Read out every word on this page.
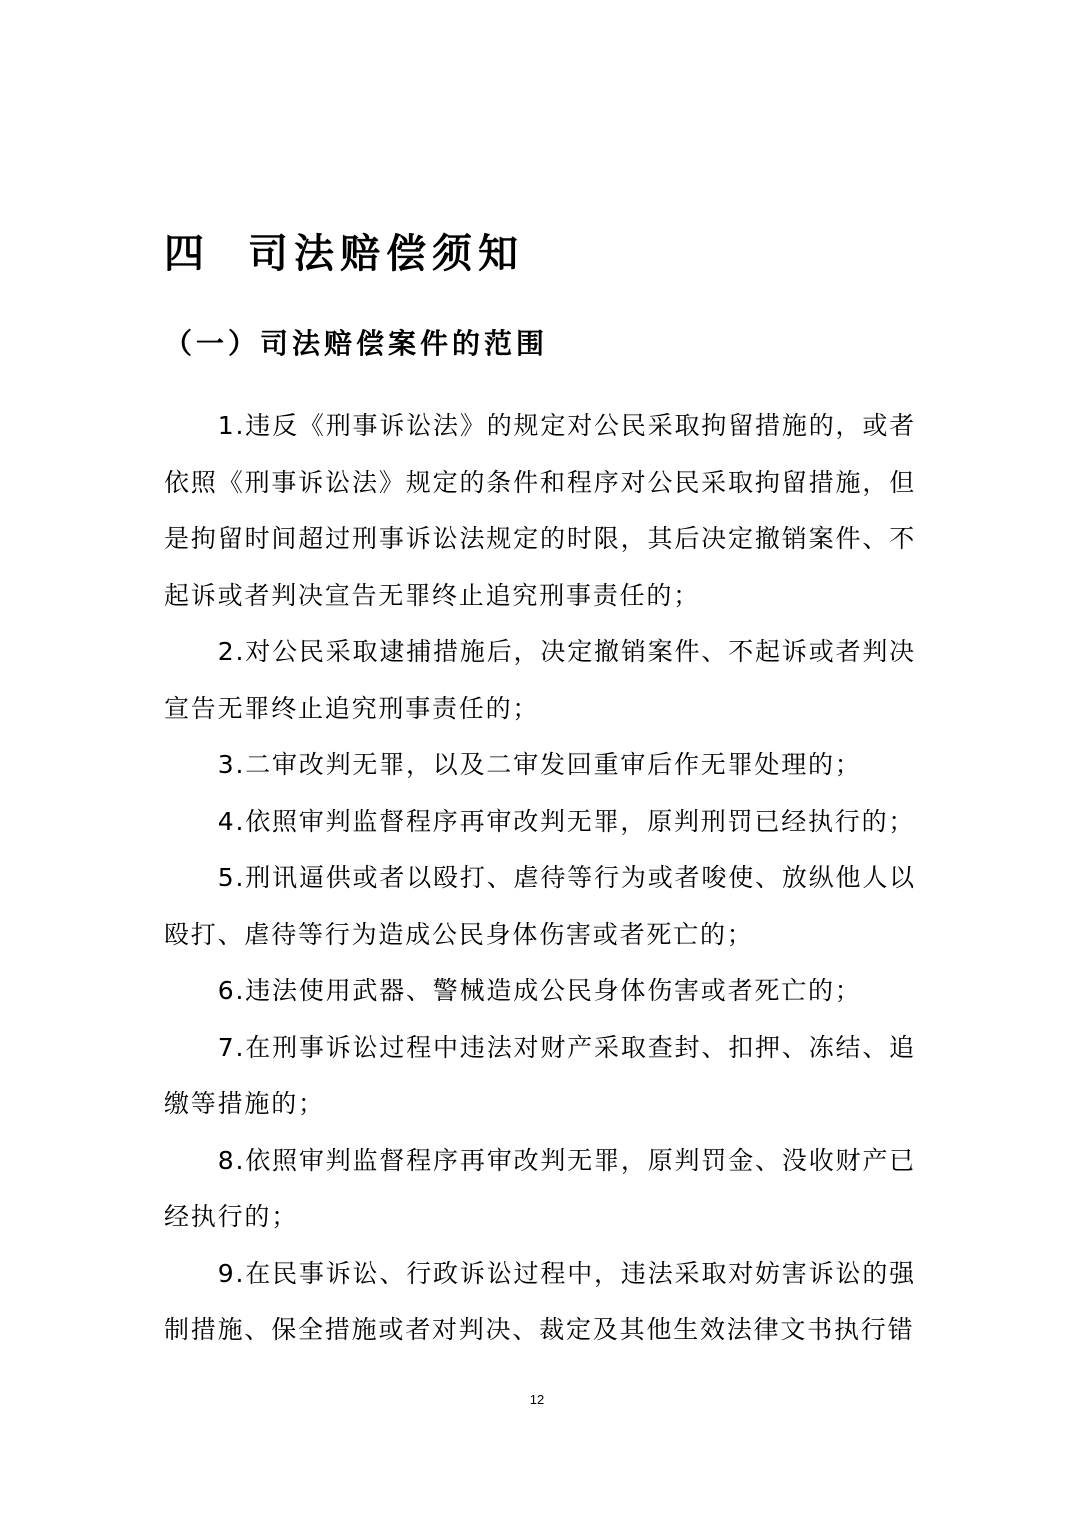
四 司法赔偿须知
（一）司法赔偿案件的范围

1.违反《刑事诉讼法》的规定对公民采取拘留措施的，或者依照《刑事诉讼法》规定的条件和程序对公民采取拘留措施，但是拘留时间超过刑事诉讼法规定的时限，其后决定撤销案件、不起诉或者判决宣告无罪终止追究刑事责任的；

2.对公民采取逮捕措施后，决定撤销案件、不起诉或者判决宣告无罪终止追究刑事责任的；

3.二审改判无罪，以及二审发回重审后作无罪处理的；

4.依照审判监督程序再审改判无罪，原判刑罚已经执行的；

5.刑讯逼供或者以殴打、虐待等行为或者唆使、放纵他人以殴打、虐待等行为造成公民身体伤害或者死亡的；

6.违法使用武器、警械造成公民身体伤害或者死亡的；

7.在刑事诉讼过程中违法对财产采取查封、扣押、冻结、追缴等措施的；

8.依照审判监督程序再审改判无罪，原判罚金、没收财产已经执行的；

9.在民事诉讼、行政诉讼过程中，违法采取对妨害诉讼的强制措施、保全措施或者对判决、裁定及其他生效法律文书执行错

12
